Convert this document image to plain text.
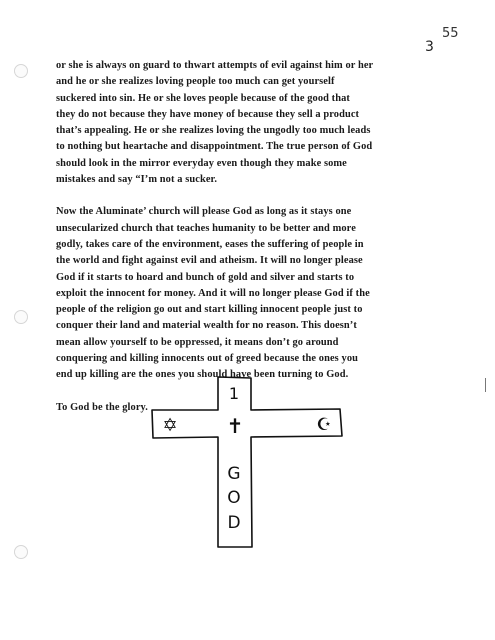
55
3
or she is always on guard to thwart attempts of evil against him or her
and he or she realizes loving people too much can get yourself
suckered into sin. He or she loves people because of the good that
they do not because they have money of because they sell a product
that’s appealing. He or she realizes loving the ungodly too much leads
to nothing but heartache and disappointment. The true person of God
should look in the mirror everyday even though they make some
mistakes and say “I’m not a sucker.
Now the Aluminate’ church will please God as long as it stays one
unsecularized church that teaches humanity to be better and more
godly, takes care of the environment, eases the suffering of people in
the world and fight against evil and atheism. It will no longer please
God if it starts to hoard and bunch of gold and silver and starts to
exploit the innocent for money. And it will no longer please God if the
people of the religion go out and start killing innocent people just to
conquer their land and material wealth for no reason. This doesn’t
mean allow yourself to be oppressed, it means don’t go around
conquering and killing innocents out of greed because the ones you
end up killing are the ones you should have been turning to God.
To God be the glory.
1
✝
✡	☪
G
O
D
